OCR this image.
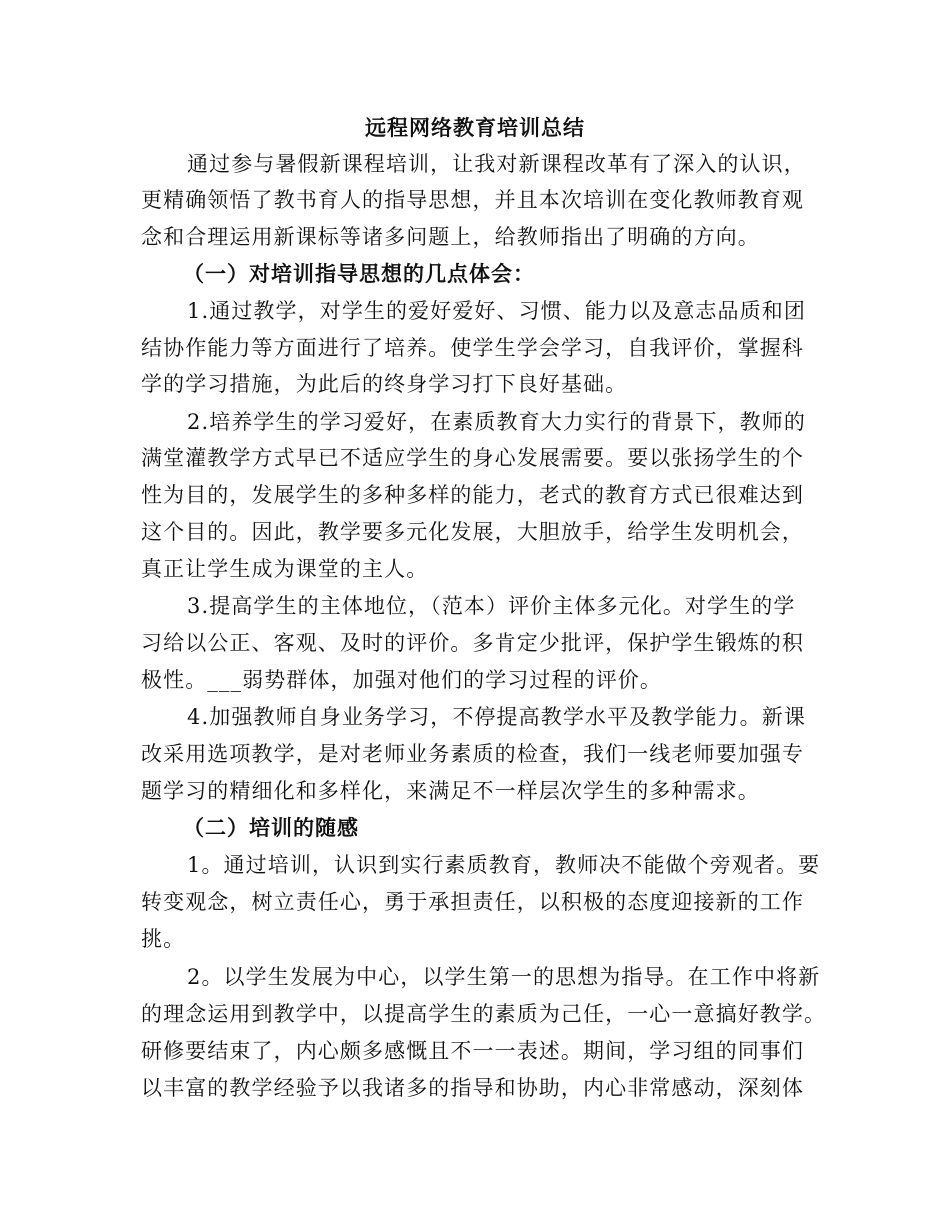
远程网络教育培训总结
通过参与暑假新课程培训，让我对新课程改革有了深入的认识，
更精确领悟了教书育人的指导思想，并且本次培训在变化教师教育观
念和合理运用新课标等诸多问题上，给教师指出了明确的方向。
（一）对培训指导思想的几点体会：
1.通过教学，对学生的爱好爱好、习惯、能力以及意志品质和团
结协作能力等方面进行了培养。使学生学会学习，自我评价，掌握科
学的学习措施，为此后的终身学习打下良好基础。
2.培养学生的学习爱好，在素质教育大力实行的背景下，教师的
满堂灌教学方式早已不适应学生的身心发展需要。要以张扬学生的个
性为目的，发展学生的多种多样的能力，老式的教育方式已很难达到
这个目的。因此，教学要多元化发展，大胆放手，给学生发明机会，
真正让学生成为课堂的主人。
3.提高学生的主体地位，（范本）评价主体多元化。对学生的学
习给以公正、客观、及时的评价。多肯定少批评，保护学生锻炼的积
极性。___弱势群体，加强对他们的学习过程的评价。
4.加强教师自身业务学习，不停提高教学水平及教学能力。新课
改采用选项教学，是对老师业务素质的检查，我们一线老师要加强专
题学习的精细化和多样化，来满足不一样层次学生的多种需求。
（二）培训的随感
1。通过培训，认识到实行素质教育，教师决不能做个旁观者。要
转变观念，树立责任心，勇于承担责任，以积极的态度迎接新的工作
挑。
2。以学生发展为中心，以学生第一的思想为指导。在工作中将新
的理念运用到教学中，以提高学生的素质为己任，一心一意搞好教学。
研修要结束了，内心颇多感慨且不一一表述。期间，学习组的同事们
以丰富的教学经验予以我诸多的指导和协助，内心非常感动，深刻体
